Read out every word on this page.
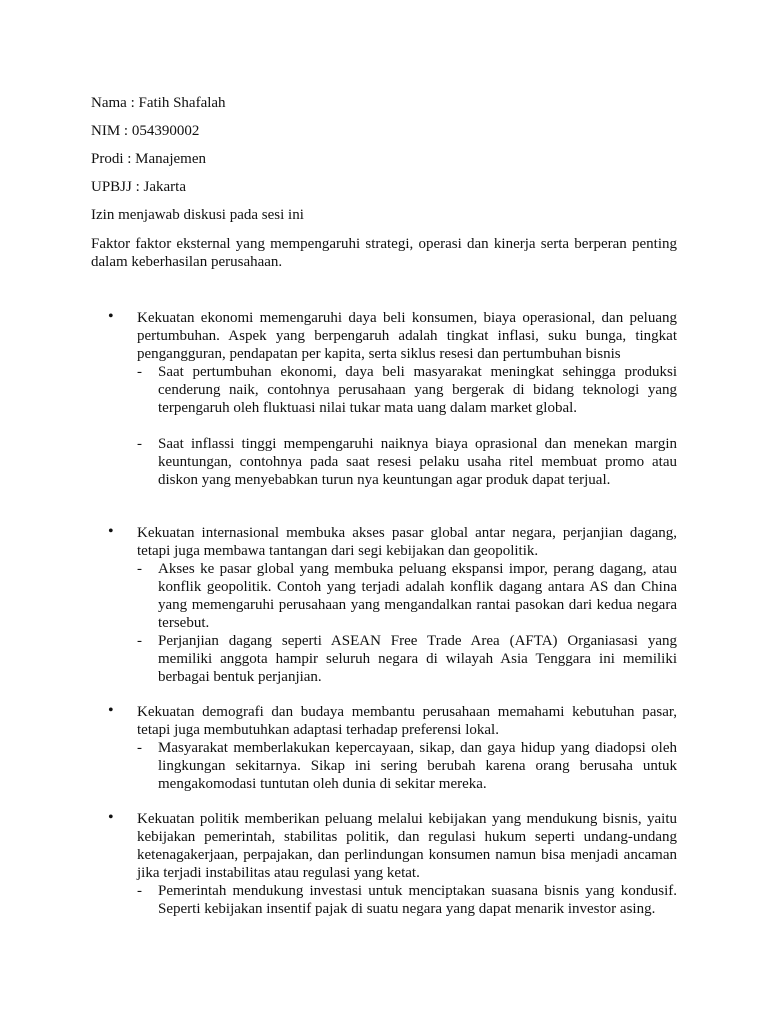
Nama : Fatih Shafalah

NIM : 054390002

Prodi : Manajemen

UPBJJ : Jakarta

Izin menjawab diskusi pada sesi ini

Faktor faktor eksternal yang mempengaruhi strategi, operasi dan kinerja serta berperan penting dalam keberhasilan perusahaan.

• Kekuatan ekonomi memengaruhi daya beli konsumen, biaya operasional, dan peluang pertumbuhan. Aspek yang berpengaruh adalah tingkat inflasi, suku bunga, tingkat pengangguran, pendapatan per kapita, serta siklus resesi dan pertumbuhan bisnis
- Saat pertumbuhan ekonomi, daya beli masyarakat meningkat sehingga produksi cenderung naik, contohnya perusahaan yang bergerak di bidang teknologi yang terpengaruh oleh fluktuasi nilai tukar mata uang dalam market global.
- Saat inflassi tinggi mempengaruhi naiknya biaya oprasional dan menekan margin keuntungan, contohnya pada saat resesi pelaku usaha ritel membuat promo atau diskon yang menyebabkan turun nya keuntungan agar produk dapat terjual.
• Kekuatan internasional membuka akses pasar global antar negara, perjanjian dagang, tetapi juga membawa tantangan dari segi kebijakan dan geopolitik.
- Akses ke pasar global yang membuka peluang ekspansi impor, perang dagang, atau konflik geopolitik. Contoh yang terjadi adalah konflik dagang antara AS dan China yang memengaruhi perusahaan yang mengandalkan rantai pasokan dari kedua negara tersebut.
- Perjanjian dagang seperti ASEAN Free Trade Area (AFTA) Organiasasi yang memiliki anggota hampir seluruh negara di wilayah Asia Tenggara ini memiliki berbagai bentuk perjanjian.
• Kekuatan demografi dan budaya membantu perusahaan memahami kebutuhan pasar, tetapi juga membutuhkan adaptasi terhadap preferensi lokal.
- Masyarakat memberlakukan kepercayaan, sikap, dan gaya hidup yang diadopsi oleh lingkungan sekitarnya. Sikap ini sering berubah karena orang berusaha untuk mengakomodasi tuntutan oleh dunia di sekitar mereka.
• Kekuatan politik memberikan peluang melalui kebijakan yang mendukung bisnis, yaitu kebijakan pemerintah, stabilitas politik, dan regulasi hukum seperti undang-undang ketenagakerjaan, perpajakan, dan perlindungan konsumen namun bisa menjadi ancaman jika terjadi instabilitas atau regulasi yang ketat.
- Pemerintah mendukung investasi untuk menciptakan suasana bisnis yang kondusif. Seperti kebijakan insentif pajak di suatu negara yang dapat menarik investor asing.
